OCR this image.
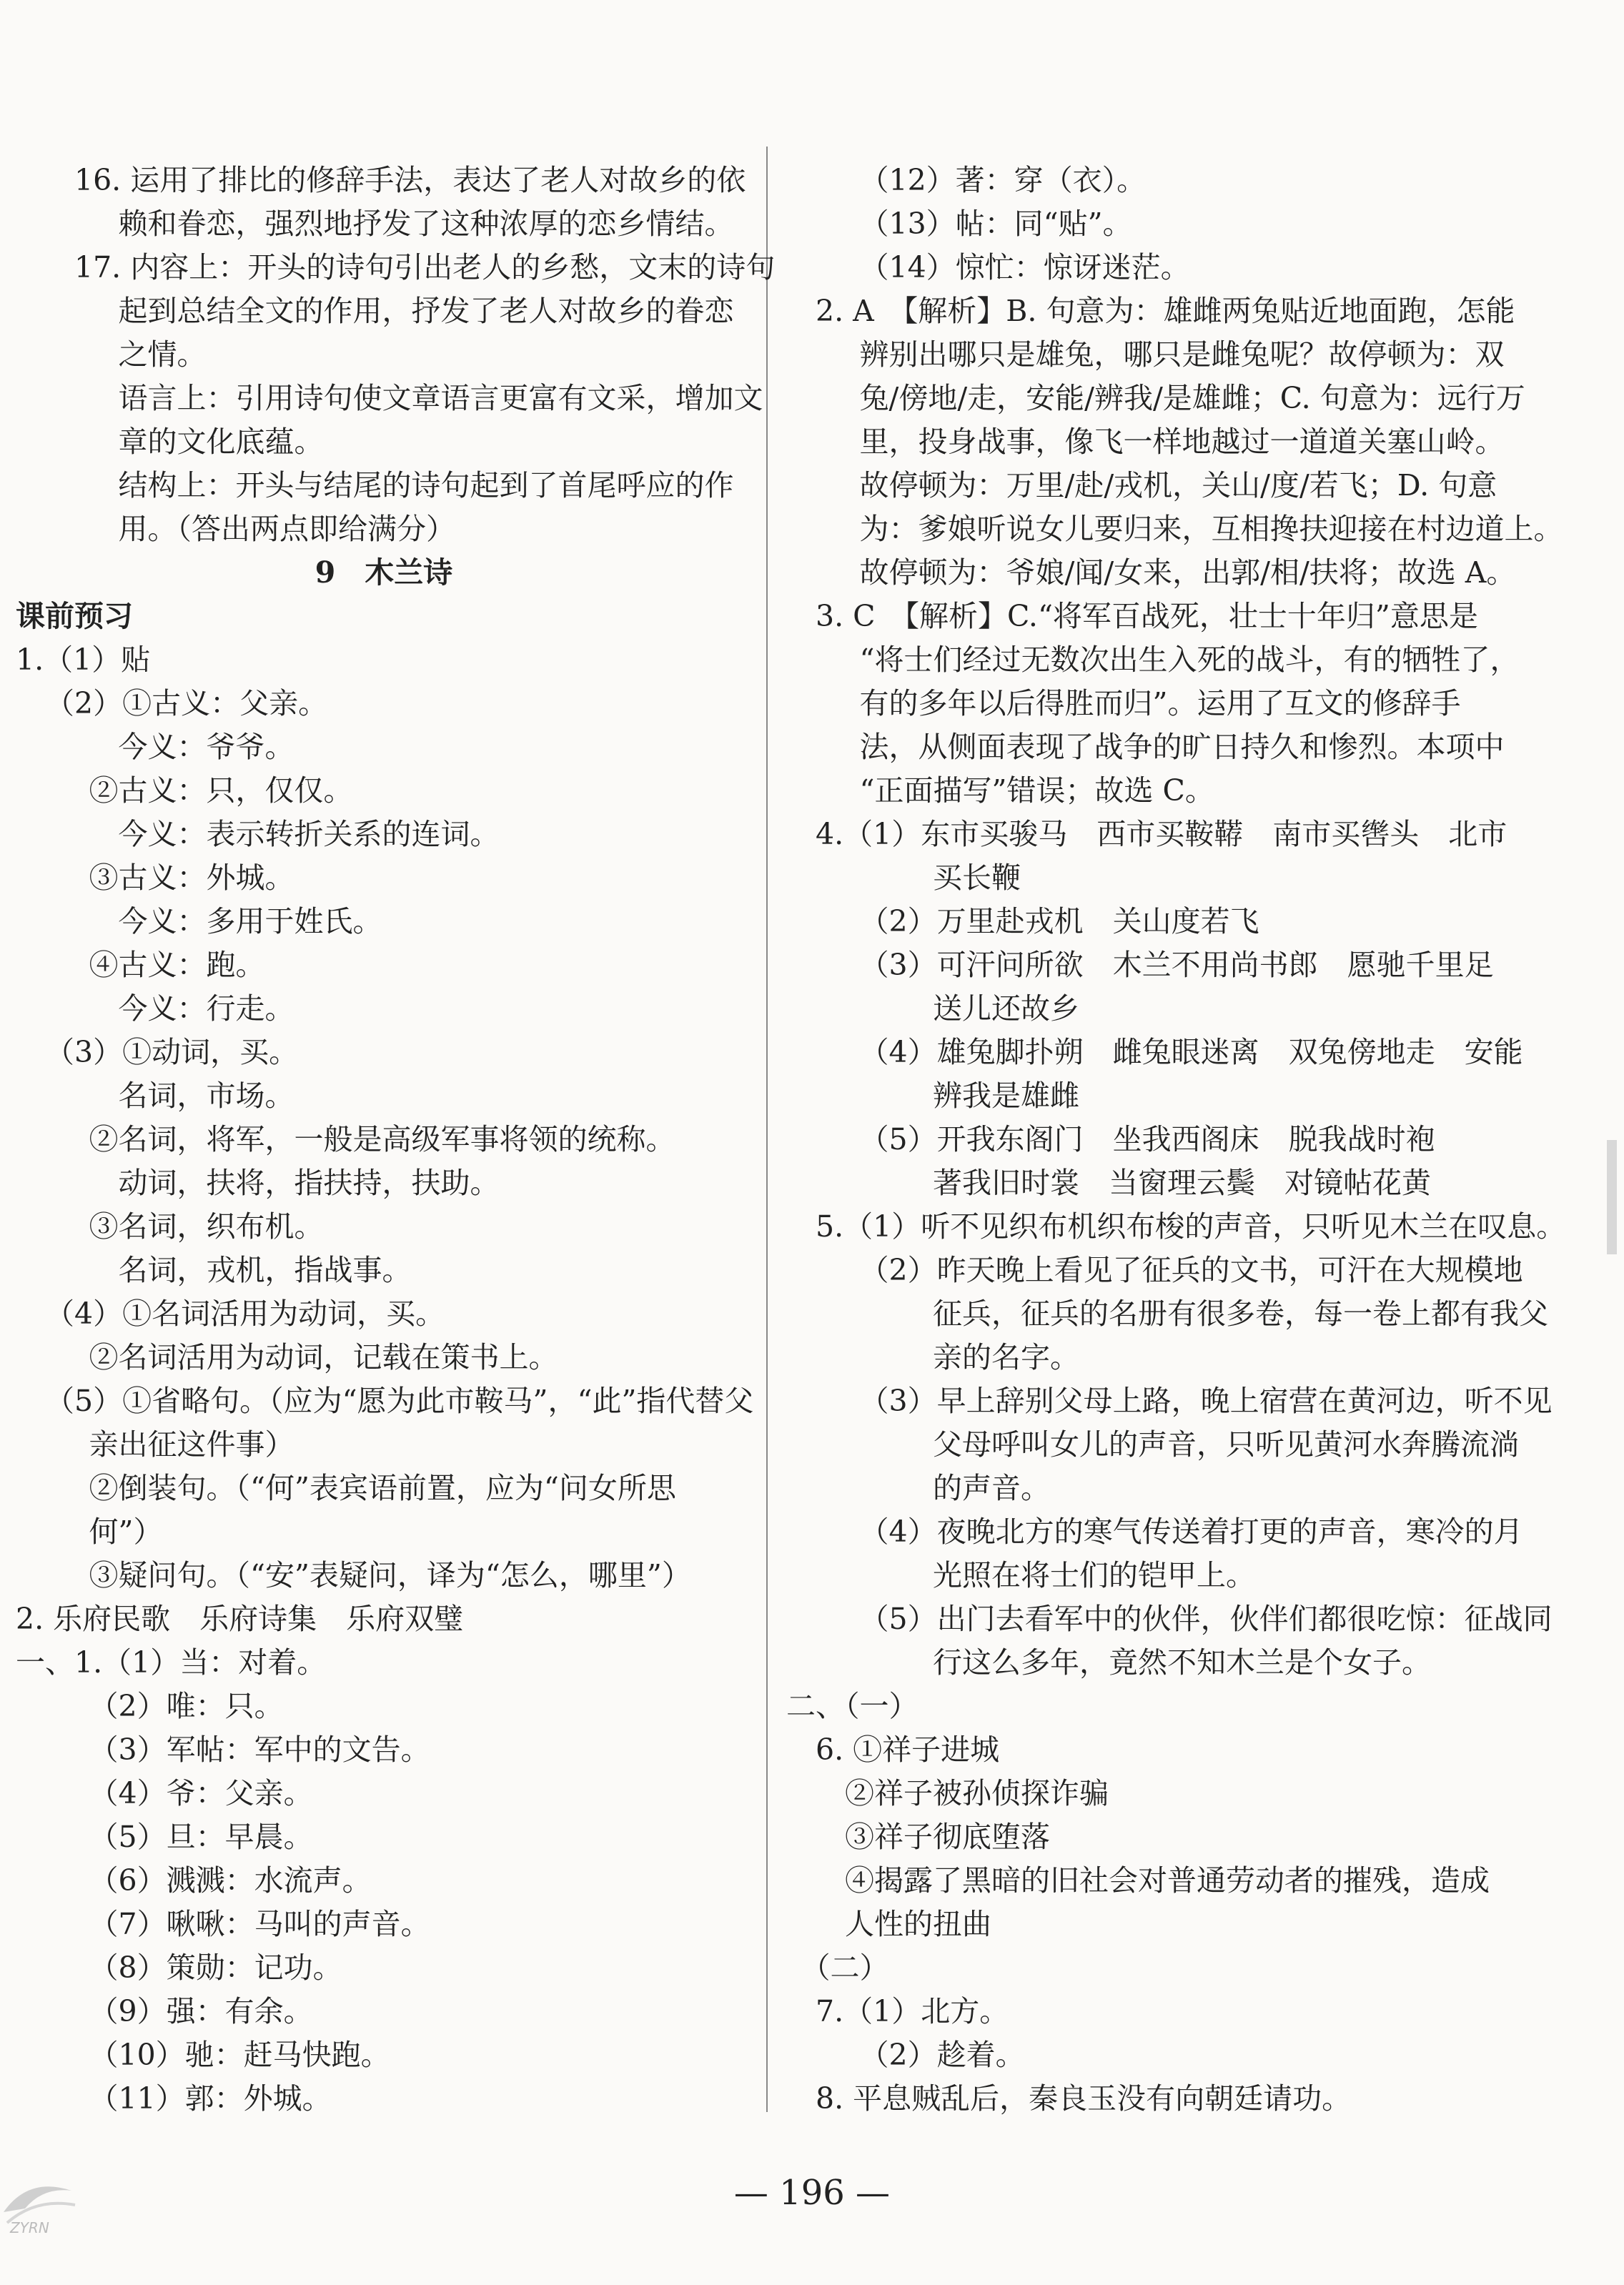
16. 运用了排比的修辞手法，表达了老人对故乡的依
赖和眷恋，强烈地抒发了这种浓厚的恋乡情结。
17. 内容上：开头的诗句引出老人的乡愁，文末的诗句
起到总结全文的作用，抒发了老人对故乡的眷恋
之情。
语言上：引用诗句使文章语言更富有文采，增加文
章的文化底蕴。
结构上：开头与结尾的诗句起到了首尾呼应的作
用。（答出两点即给满分）
9　木兰诗
课前预习
1.（1）贴
（2）①古义：父亲。
今义：爷爷。
②古义：只，仅仅。
今义：表示转折关系的连词。
③古义：外城。
今义：多用于姓氏。
④古义：跑。
今义：行走。
（3）①动词，买。
名词，市场。
②名词，将军，一般是高级军事将领的统称。
动词，扶将，指扶持，扶助。
③名词，织布机。
名词，戎机，指战事。
（4）①名词活用为动词，买。
②名词活用为动词，记载在策书上。
（5）①省略句。（应为“愿为此市鞍马”，“此”指代替父
亲出征这件事）
②倒装句。（“何”表宾语前置，应为“问女所思
何”）
③疑问句。（“安”表疑问，译为“怎么，哪里”）
2. 乐府民歌　乐府诗集　乐府双璧
一、1.（1）当：对着。
（2）唯：只。
（3）军帖：军中的文告。
（4）爷：父亲。
（5）旦：早晨。
（6）溅溅：水流声。
（7）啾啾：马叫的声音。
（8）策勋：记功。
（9）强：有余。
（10）驰：赶马快跑。
（11）郭：外城。
（12）著：穿（衣）。
（13）帖：同“贴”。
（14）惊忙：惊讶迷茫。
2. A　【解析】B. 句意为：雄雌两兔贴近地面跑，怎能
辨别出哪只是雄兔，哪只是雌兔呢？故停顿为：双
兔/傍地/走，安能/辨我/是雄雌；C. 句意为：远行万
里，投身战事，像飞一样地越过一道道关塞山岭。
故停顿为：万里/赴/戎机，关山/度/若飞；D. 句意
为：爹娘听说女儿要归来，互相搀扶迎接在村边道上。
故停顿为：爷娘/闻/女来，出郭/相/扶将；故选 A。
3. C　【解析】C.“将军百战死，壮士十年归”意思是
“将士们经过无数次出生入死的战斗，有的牺牲了，
有的多年以后得胜而归”。运用了互文的修辞手
法，从侧面表现了战争的旷日持久和惨烈。本项中
“正面描写”错误；故选 C。
4.（1）东市买骏马　西市买鞍鞯　南市买辔头　北市
买长鞭
（2）万里赴戎机　关山度若飞
（3）可汗问所欲　木兰不用尚书郎　愿驰千里足
送儿还故乡
（4）雄兔脚扑朔　雌兔眼迷离　双兔傍地走　安能
辨我是雄雌
（5）开我东阁门　坐我西阁床　脱我战时袍
著我旧时裳　当窗理云鬓　对镜帖花黄
5.（1）听不见织布机织布梭的声音，只听见木兰在叹息。
（2）昨天晚上看见了征兵的文书，可汗在大规模地
征兵，征兵的名册有很多卷，每一卷上都有我父
亲的名字。
（3）早上辞别父母上路，晚上宿营在黄河边，听不见
父母呼叫女儿的声音，只听见黄河水奔腾流淌
的声音。
（4）夜晚北方的寒气传送着打更的声音，寒冷的月
光照在将士们的铠甲上。
（5）出门去看军中的伙伴，伙伴们都很吃惊：征战同
行这么多年，竟然不知木兰是个女子。
二、（一）
6. ①祥子进城
②祥子被孙侦探诈骗
③祥子彻底堕落
④揭露了黑暗的旧社会对普通劳动者的摧残，造成
人性的扭曲
（二）
7.（1）北方。
（2）趁着。
8. 平息贼乱后，秦良玉没有向朝廷请功。
ZYRN
— 196 —
